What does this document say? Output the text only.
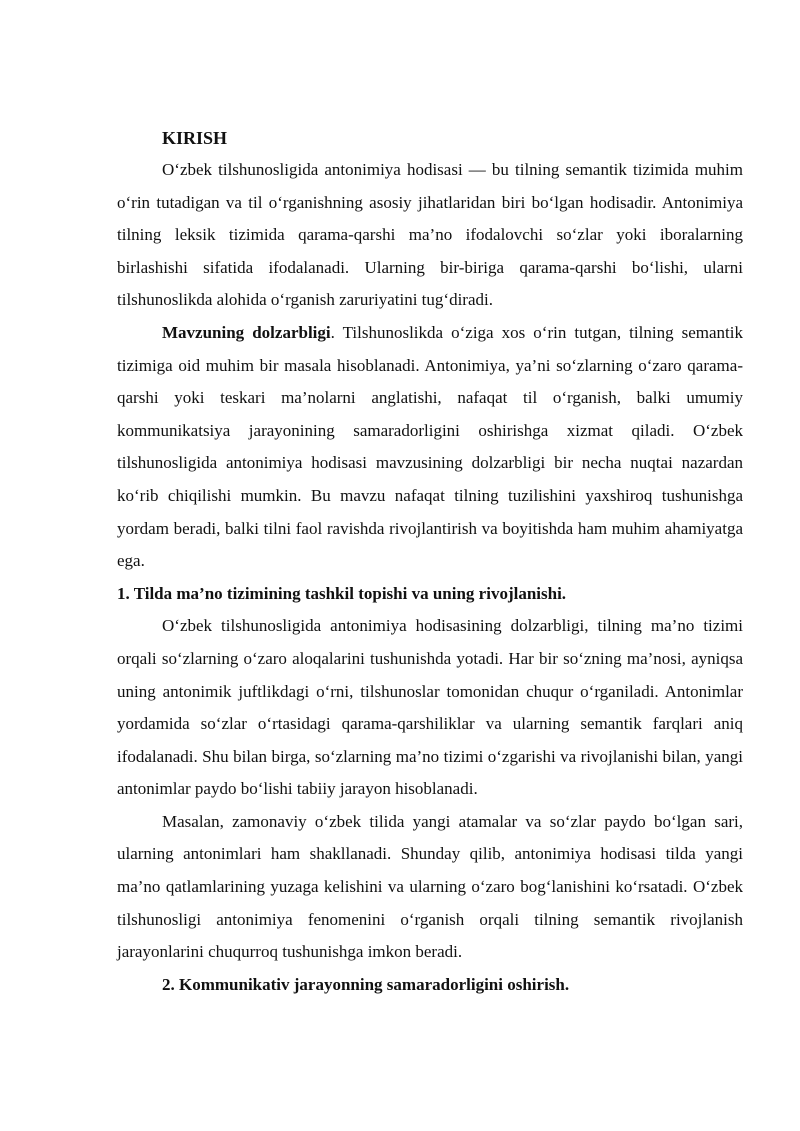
KIRISH

O‘zbek tilshunosligida antonimiya hodisasi — bu tilning semantik tizimida muhim o‘rin tutadigan va til o‘rganishning asosiy jihatlaridan biri bo‘lgan hodisadir. Antonimiya tilning leksik tizimida qarama-qarshi ma’no ifodalovchi so‘zlar yoki iboralarning birlashishi sifatida ifodalanadi. Ularning bir-biriga qarama-qarshi bo‘lishi, ularni tilshunoslikda alohida o‘rganish zaruriyatini tug‘diradi.

Mavzuning dolzarbligi. Tilshunoslikda o‘ziga xos o‘rin tutgan, tilning semantik tizimiga oid muhim bir masala hisoblanadi. Antonimiya, ya’ni so‘zlarning o‘zaro qarama-qarshi yoki teskari ma’nolarni anglatishi, nafaqat til o‘rganish, balki umumiy kommunikatsiya jarayonining samaradorligini oshirishga xizmat qiladi. O‘zbek tilshunosligida antonimiya hodisasi mavzusining dolzarbligi bir necha nuqtai nazardan ko‘rib chiqilishi mumkin. Bu mavzu nafaqat tilning tuzilishini yaxshiroq tushunishga yordam beradi, balki tilni faol ravishda rivojlantirish va boyitishda ham muhim ahamiyatga ega.

1. Tilda ma’no tizimining tashkil topishi va uning rivojlanishi.

O‘zbek tilshunosligida antonimiya hodisasining dolzarbligi, tilning ma’no tizimi orqali so‘zlarning o‘zaro aloqalarini tushunishda yotadi. Har bir so‘zning ma’nosi, ayniqsa uning antonimik juftlikdagi o‘rni, tilshunoslar tomonidan chuqur o‘rganiladi. Antonimlar yordamida so‘zlar o‘rtasidagi qarama-qarshiliklar va ularning semantik farqlari aniq ifodalanadi. Shu bilan birga, so‘zlarning ma’no tizimi o‘zgarishi va rivojlanishi bilan, yangi antonimlar paydo bo‘lishi tabiiy jarayon hisoblanadi.

Masalan, zamonaviy o‘zbek tilida yangi atamalar va so‘zlar paydo bo‘lgan sari, ularning antonimlari ham shakllanadi. Shunday qilib, antonimiya hodisasi tilda yangi ma’no qatlamlarining yuzaga kelishini va ularning o‘zaro bog‘lanishini ko‘rsatadi. O‘zbek tilshunosligi antonimiya fenomenini o‘rganish orqali tilning semantik rivojlanish jarayonlarini chuqurroq tushunishga imkon beradi.

2. Kommunikativ jarayonning samaradorligini oshirish.
